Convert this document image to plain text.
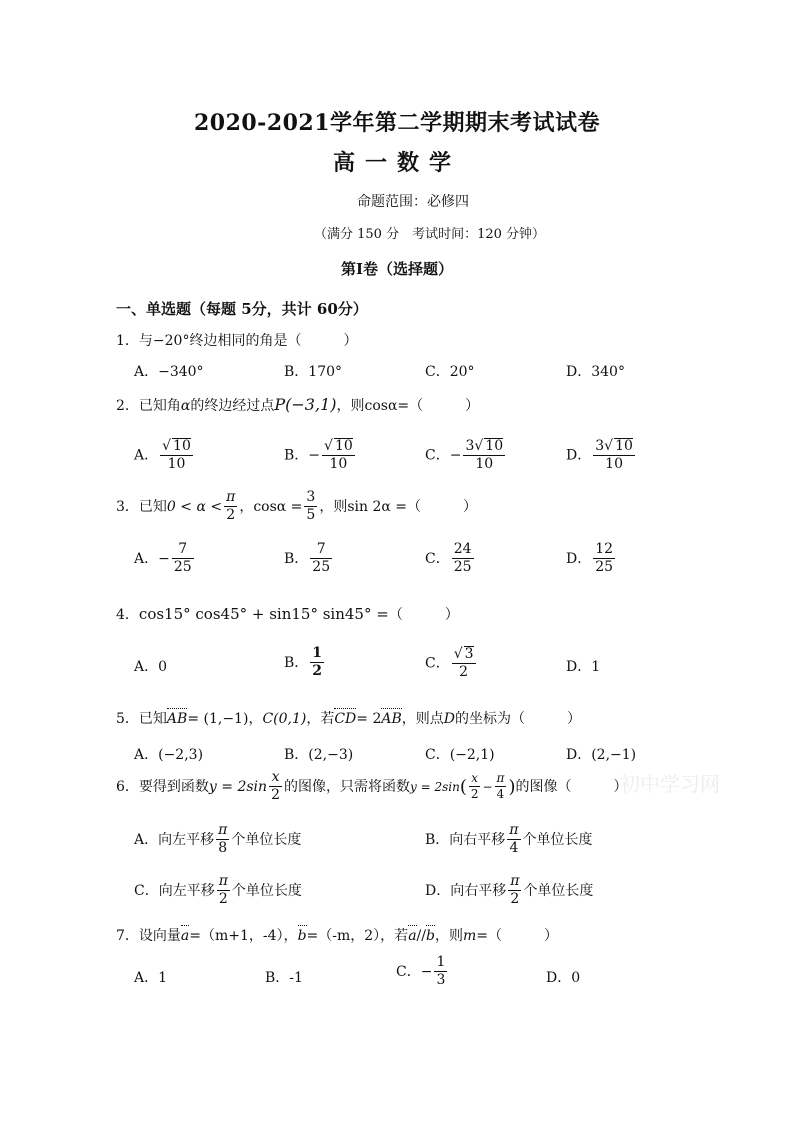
2020-2021学年第二学期期末考试试卷
高一数学
命题范围：必修四
（满分 150 分　考试时间：120 分钟）
第Ⅰ卷（选择题）
一、单选题（每题 5分，共计 60分）
1．与−20°终边相同的角是（　　　）
A．−340°	B．170°	C．20°	D．340°
2．已知角α的终边经过点P(−3,1)，则cosα=（　　　）
A． $\frac{√ 10}{10}$	B．− $\frac{√ 10}{10}$	C．− $\frac{3√ 10}{10}$	D． $\frac{3√ 10}{10}$
3．已知$0 < \alpha < \frac{\pi}{2}$ ，$\cos\alpha = \frac{3}{5}$ ，则sin 2α =（　　　）
A．− $\frac{7}{25}$	B． $\frac{7}{25}$	C． $\frac{24}{25}$	D． $\frac{12}{25}$
4．cos15° cos45° + sin15° sin45° =（　　　）
A．0	B． $\frac{1}{2}$	C． $\frac{√ 3}{2}$	D．1
5．已知AB= (1,−1)，C(0,1)，若CD= 2AB，则点D的坐标为（　　　）
A．(−2,3)	B．(2,−3)	C．(−2,1)	D．(2,−1)
6．要得到函数$y = 2\sin \frac{x}{2}$ 的图像，只需将函数$y = 2\sin( \frac{x}{2} - \frac{\pi}{4}$ )的图像（　　　）
A．向左平移 $\frac{\pi}{8}$ 个单位长度	B．向右平移 $\frac{\pi}{4}$ 个单位长度
C．向左平移 $\frac{\pi}{2}$ 个单位长度	D．向右平移 $\frac{\pi}{2}$ 个单位长度
7．设向量a=（m+1，-4），b=（-m，2），若a//b，则m=（　　　）
A．1	B．-1	C．− $\frac{1}{3}$	D．0
初中学习网
